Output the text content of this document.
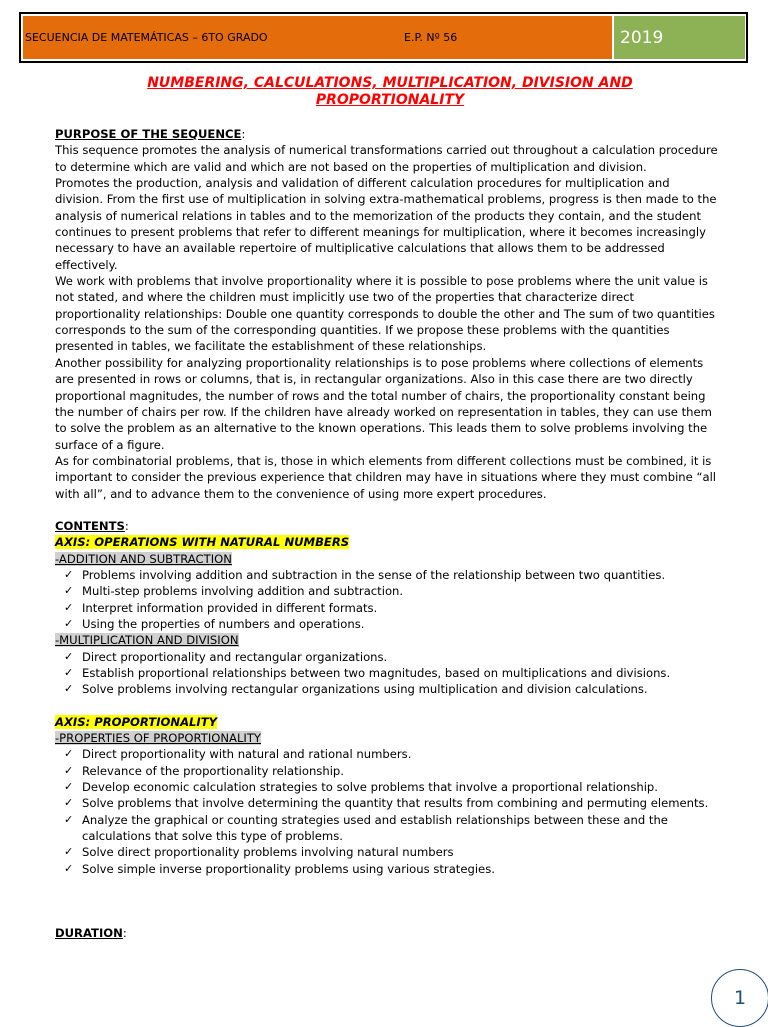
SECUENCIA DE MATEMÁTICAS – 6TO GRADO	E.P. Nº 56	2019
NUMBERING, CALCULATIONS, MULTIPLICATION, DIVISION AND
PROPORTIONALITY

PURPOSE OF THE SEQUENCE:

This sequence promotes the analysis of numerical transformations carried out throughout a calculation procedure to determine which are valid and which are not based on the properties of multiplication and division.

Promotes the production, analysis and validation of different calculation procedures for multiplication and division. From the first use of multiplication in solving extra-mathematical problems, progress is then made to the analysis of numerical relations in tables and to the memorization of the products they contain, and the student continues to present problems that refer to different meanings for multiplication, where it becomes increasingly necessary to have an available repertoire of multiplicative calculations that allows them to be addressed effectively.

We work with problems that involve proportionality where it is possible to pose problems where the unit value is not stated, and where the children must implicitly use two of the properties that characterize direct proportionality relationships: Double one quantity corresponds to double the other and The sum of two quantities corresponds to the sum of the corresponding quantities. If we propose these problems with the quantities presented in tables, we facilitate the establishment of these relationships.

Another possibility for analyzing proportionality relationships is to pose problems where collections of elements are presented in rows or columns, that is, in rectangular organizations. Also in this case there are two directly proportional magnitudes, the number of rows and the total number of chairs, the proportionality constant being the number of chairs per row. If the children have already worked on representation in tables, they can use them to solve the problem as an alternative to the known operations. This leads them to solve problems involving the surface of a figure.

As for combinatorial problems, that is, those in which elements from different collections must be combined, it is important to consider the previous experience that children may have in situations where they must combine “all with all”, and to advance them to the convenience of using more expert procedures.

CONTENTS:

AXIS: OPERATIONS WITH NATURAL NUMBERS

-ADDITION AND SUBTRACTION

✓ Problems involving addition and subtraction in the sense of the relationship between two quantities.
✓ Multi-step problems involving addition and subtraction.
✓ Interpret information provided in different formats.
✓ Using the properties of numbers and operations.

-MULTIPLICATION AND DIVISION

✓ Direct proportionality and rectangular organizations.
✓ Establish proportional relationships between two magnitudes, based on multiplications and divisions.
✓ Solve problems involving rectangular organizations using multiplication and division calculations.

AXIS: PROPORTIONALITY

-PROPERTIES OF PROPORTIONALITY

✓ Direct proportionality with natural and rational numbers.
✓ Relevance of the proportionality relationship.
✓ Develop economic calculation strategies to solve problems that involve a proportional relationship.
✓ Solve problems that involve determining the quantity that results from combining and permuting elements.
✓ Analyze the graphical or counting strategies used and establish relationships between these and the calculations that solve this type of problems.
✓ Solve direct proportionality problems involving natural numbers
✓ Solve simple inverse proportionality problems using various strategies.

DURATION:

1
